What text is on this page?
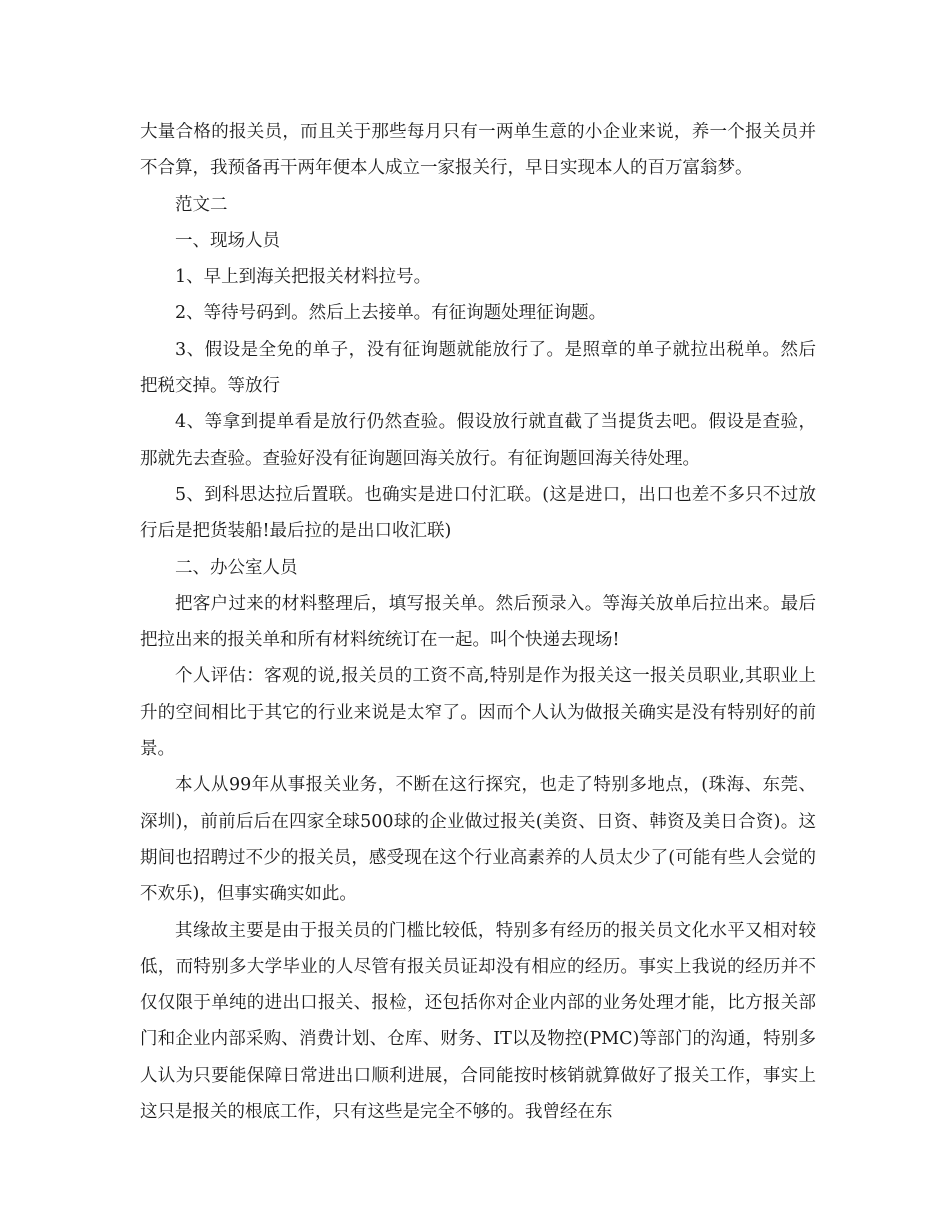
大量合格的报关员，而且关于那些每月只有一两单生意的小企业来说，养一个报关员并不合算，我预备再干两年便本人成立一家报关行，早日实现本人的百万富翁梦。

范文二

一、现场人员

1、早上到海关把报关材料拉号。

2、等待号码到。然后上去接单。有征询题处理征询题。

3、假设是全免的单子，没有征询题就能放行了。是照章的单子就拉出税单。然后把税交掉。等放行

4、等拿到提单看是放行仍然查验。假设放行就直截了当提货去吧。假设是查验，那就先去查验。查验好没有征询题回海关放行。有征询题回海关待处理。

5、到科思达拉后置联。也确实是进口付汇联。(这是进口，出口也差不多只不过放行后是把货装船!最后拉的是出口收汇联)

二、办公室人员

把客户过来的材料整理后，填写报关单。然后预录入。等海关放单后拉出来。最后把拉出来的报关单和所有材料统统订在一起。叫个快递去现场!

个人评估：客观的说,报关员的工资不高,特别是作为报关这一报关员职业,其职业上升的空间相比于其它的行业来说是太窄了。因而个人认为做报关确实是没有特别好的前景。

本人从99年从事报关业务，不断在这行探究，也走了特别多地点，(珠海、东莞、深圳)，前前后后在四家全球500球的企业做过报关(美资、日资、韩资及美日合资)。这期间也招聘过不少的报关员，感受现在这个行业高素养的人员太少了(可能有些人会觉的不欢乐)，但事实确实如此。

其缘故主要是由于报关员的门槛比较低，特别多有经历的报关员文化水平又相对较低，而特别多大学毕业的人尽管有报关员证却没有相应的经历。事实上我说的经历并不仅仅限于单纯的进出口报关、报检，还包括你对企业内部的业务处理才能，比方报关部门和企业内部采购、消费计划、仓库、财务、IT以及物控(PMC)等部门的沟通，特别多人认为只要能保障日常进出口顺利进展，合同能按时核销就算做好了报关工作，事实上这只是报关的根底工作，只有这些是完全不够的。我曾经在东
